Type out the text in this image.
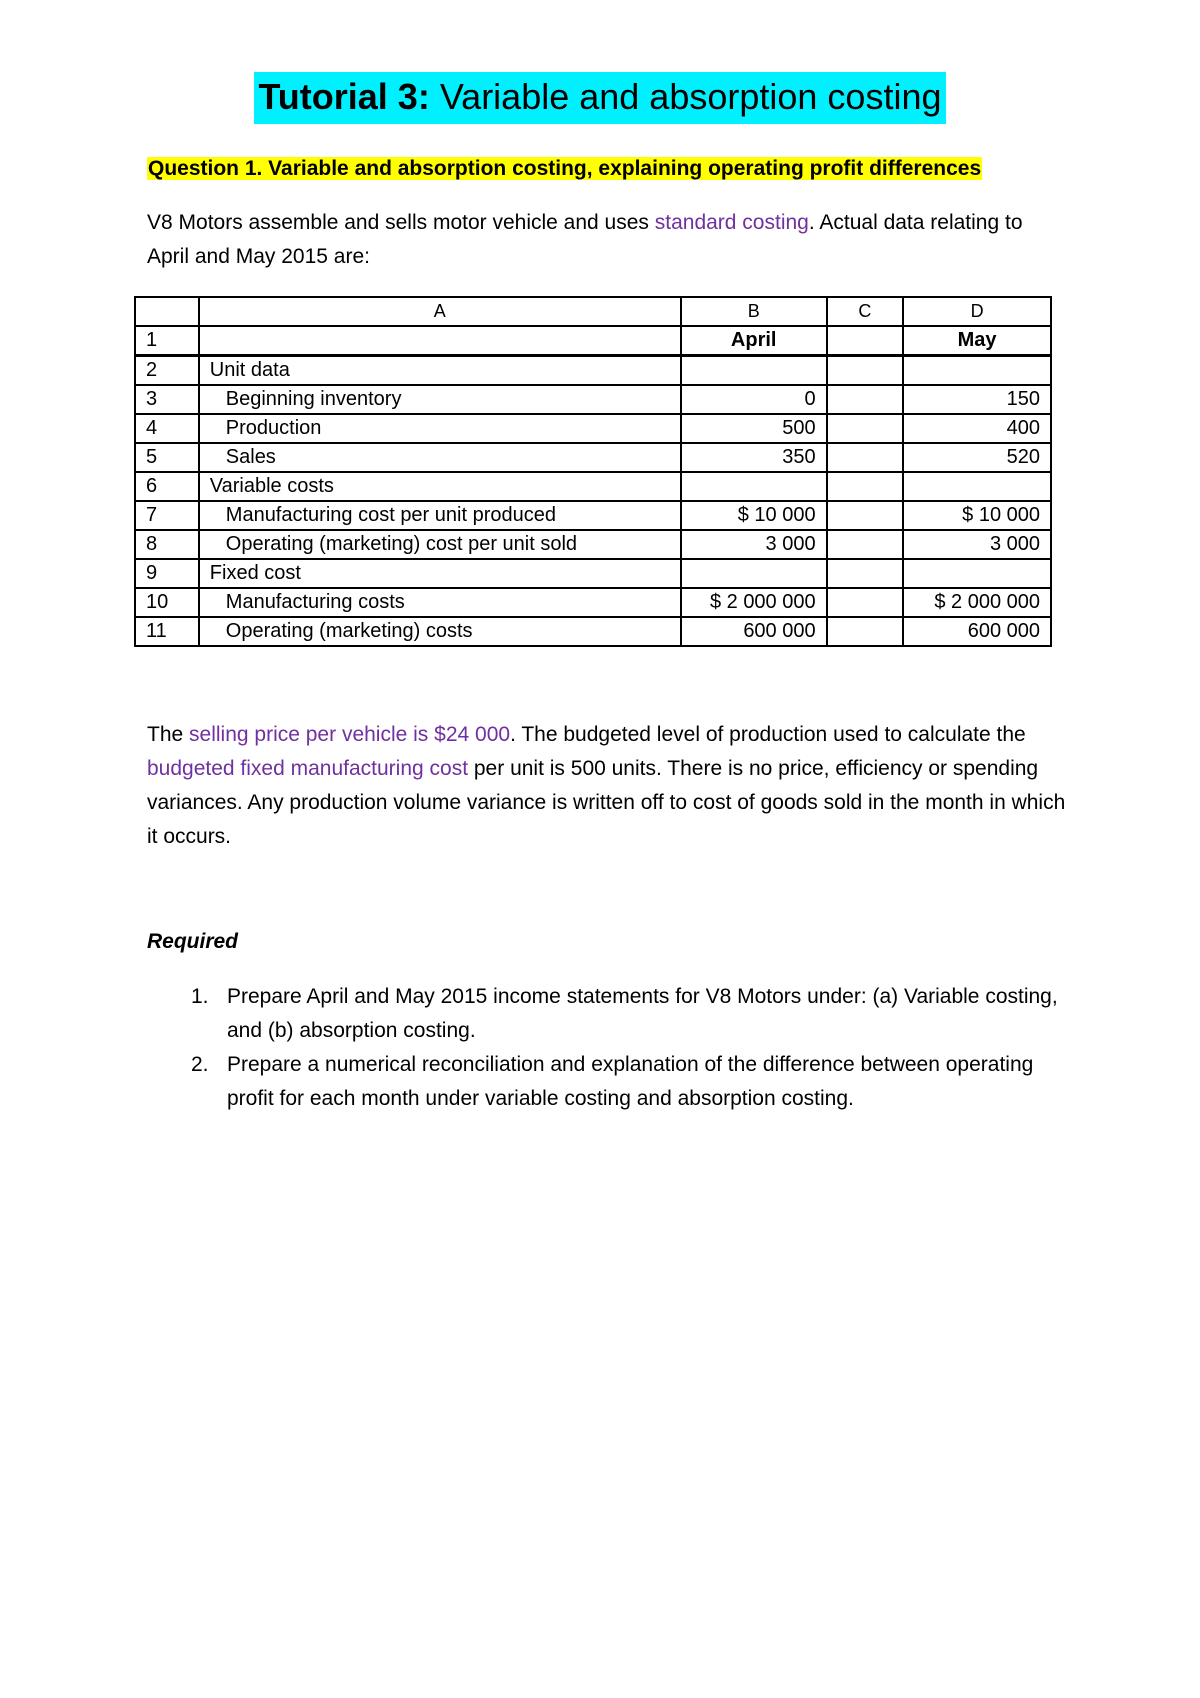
Tutorial 3: Variable and absorption costing
Question 1. Variable and absorption costing, explaining operating profit differences
V8 Motors assemble and sells motor vehicle and uses standard costing. Actual data relating to April and May 2015 are:
	A	B	C	D
1		April		May
2	Unit data			
3	Beginning inventory	0		150
4	Production	500		400
5	Sales	350		520
6	Variable costs			
7	Manufacturing cost per unit produced	$ 10 000		$ 10 000
8	Operating (marketing) cost per unit sold	3 000		3 000
9	Fixed cost			
10	Manufacturing costs	$ 2 000 000		$ 2 000 000
11	Operating (marketing) costs	600 000		600 000
The selling price per vehicle is $24 000. The budgeted level of production used to calculate the budgeted fixed manufacturing cost per unit is 500 units. There is no price, efficiency or spending variances. Any production volume variance is written off to cost of goods sold in the month in which it occurs.
Required
1. Prepare April and May 2015 income statements for V8 Motors under: (a) Variable costing, and (b) absorption costing.
2. Prepare a numerical reconciliation and explanation of the difference between operating profit for each month under variable costing and absorption costing.
